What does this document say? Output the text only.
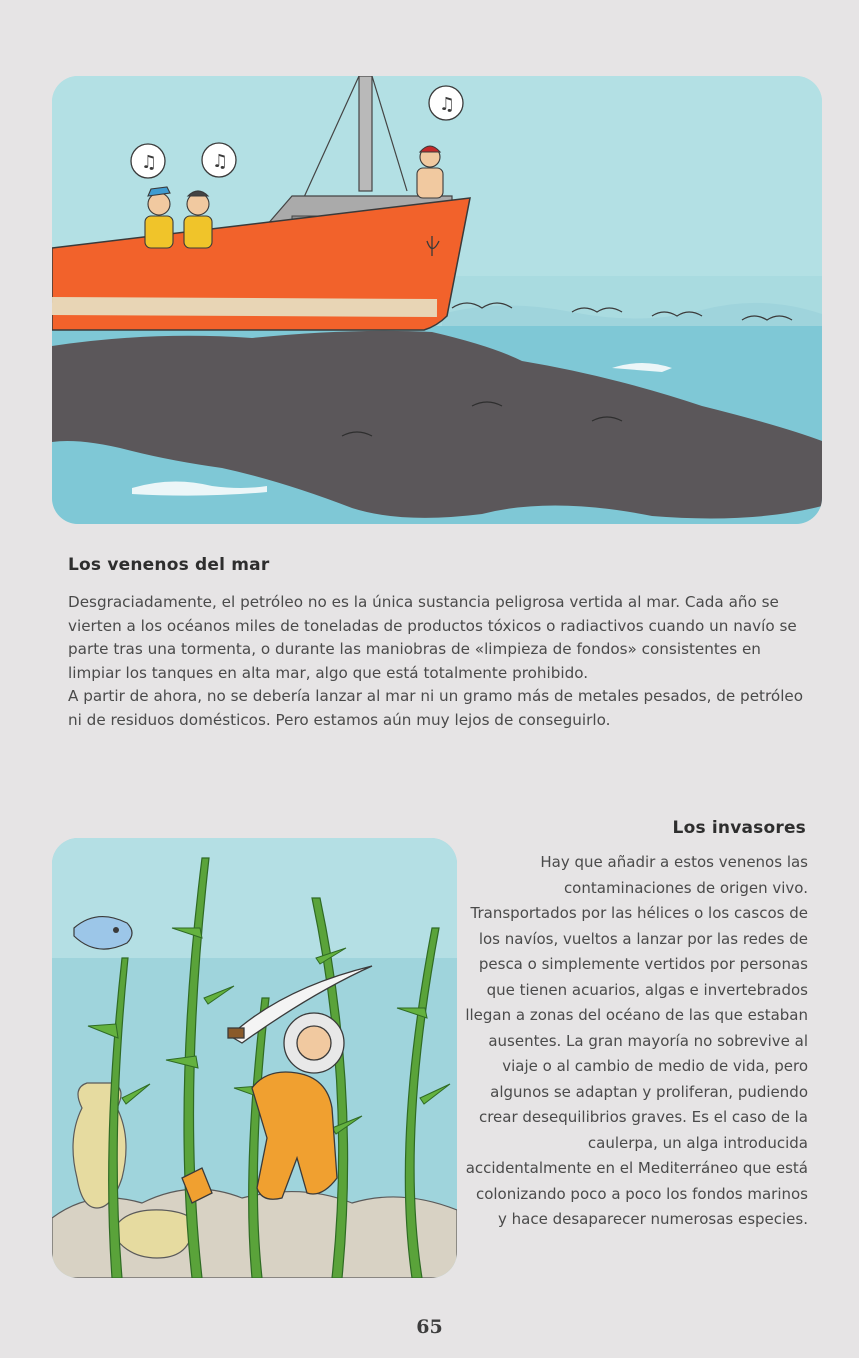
♫	♫
♫
Los venenos del mar

Desgraciadamente, el petróleo no es la única sustancia peligrosa vertida al mar. Cada año se vierten a los océanos miles de toneladas de productos tóxicos o radiactivos cuando un navío se parte tras una tormenta, o durante las maniobras de «limpieza de fondos» consistentes en limpiar los tanques en alta mar, algo que está totalmente prohibido.

A partir de ahora, no se debería lanzar al mar ni un gramo más de metales pesados, de petróleo ni de residuos domésticos. Pero estamos aún muy lejos de conseguirlo.

Los invasores
Hay que añadir a estos venenos las contaminaciones de origen vivo. Transportados por las hélices o los cascos de los navíos, vueltos a lanzar por las redes de pesca o simplemente vertidos por personas que tienen acuarios, algas e invertebrados llegan a zonas del océano de las que estaban ausentes. La gran mayoría no sobrevive al viaje o al cambio de medio de vida, pero algunos se adaptan y proliferan, pudiendo crear desequilibrios graves. Es el caso de la caulerpa, un alga introducida accidentalmente en el Mediterráneo que está colonizando poco a poco los fondos marinos y hace desaparecer numerosas especies.
65
